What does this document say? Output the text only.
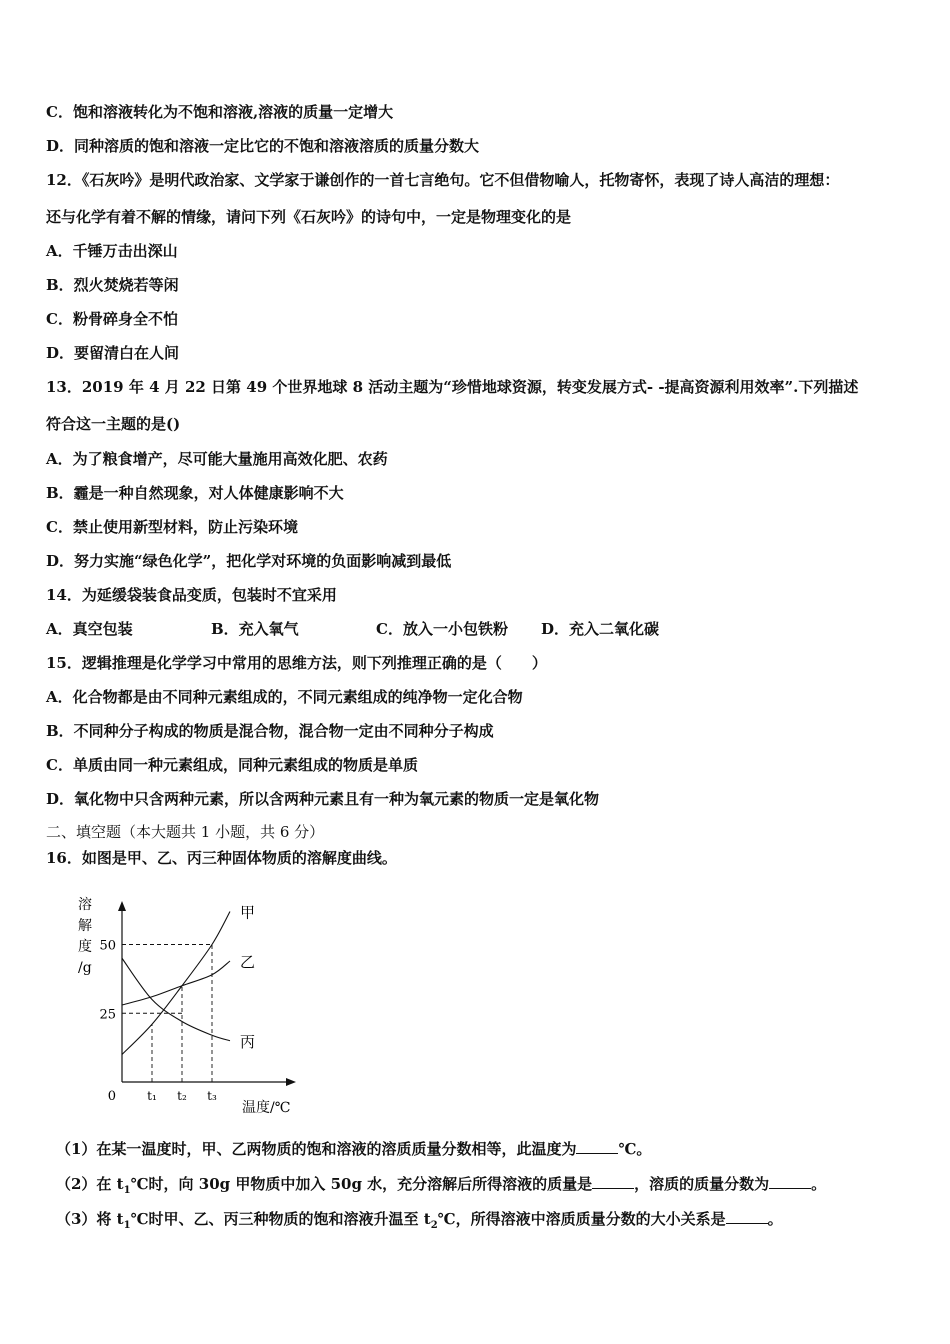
C．饱和溶液转化为不饱和溶液,溶液的质量一定增大
D．同种溶质的饱和溶液一定比它的不饱和溶液溶质的质量分数大
12．《石灰吟》是明代政治家、文学家于谦创作的一首七言绝句。它不但借物喻人，托物寄怀，表现了诗人高洁的理想：
还与化学有着不解的情缘，请问下列《石灰吟》的诗句中，一定是物理变化的是
A．千锤万击出深山
B．烈火焚烧若等闲
C．粉骨碎身全不怕
D．要留清白在人间
13．2019 年 4 月 22 日第 49 个世界地球 8 活动主题为“珍惜地球资源，转变发展方式- -提高资源利用效率”.下列描述
符合这一主题的是()
A．为了粮食增产，尽可能大量施用高效化肥、农药
B．霾是一种自然现象，对人体健康影响不大
C．禁止使用新型材料，防止污染环境
D．努力实施“绿色化学”，把化学对环境的负面影响减到最低
14．为延缓袋装食品变质，包装时不宜采用
A．真空包装	B．充入氧气	C．放入一小包铁粉 D．充入二氧化碳
15．逻辑推理是化学学习中常用的思维方法，则下列推理正确的是（　　）
A．化合物都是由不同种元素组成的，不同元素组成的纯净物一定化合物
B．不同种分子构成的物质是混合物，混合物一定由不同种分子构成
C．单质由同一种元素组成，同种元素组成的物质是单质
D．氧化物中只含两种元素，所以含两种元素且有一种为氧元素的物质一定是氧化物
二、填空题（本大题共 1 小题，共 6 分）
16．如图是甲、乙、丙三种固体物质的溶解度曲线。
甲
乙
丙
溶
解
度
/g
25
50
0	t₁ t₂ t₃
温度/℃
（1）在某一温度时，甲、乙两物质的饱和溶液的溶质质量分数相等，此温度为	℃。
（2）在 $t_1℃$时，向 30g 甲物质中加入 50g 水，充分溶解后所得溶液的质量是	，溶质的质量分数为	。
（3）将 $t_1℃$时甲、乙、丙三种物质的饱和溶液升温至 $t_2℃$，所得溶液中溶质质量分数的大小关系是	。
